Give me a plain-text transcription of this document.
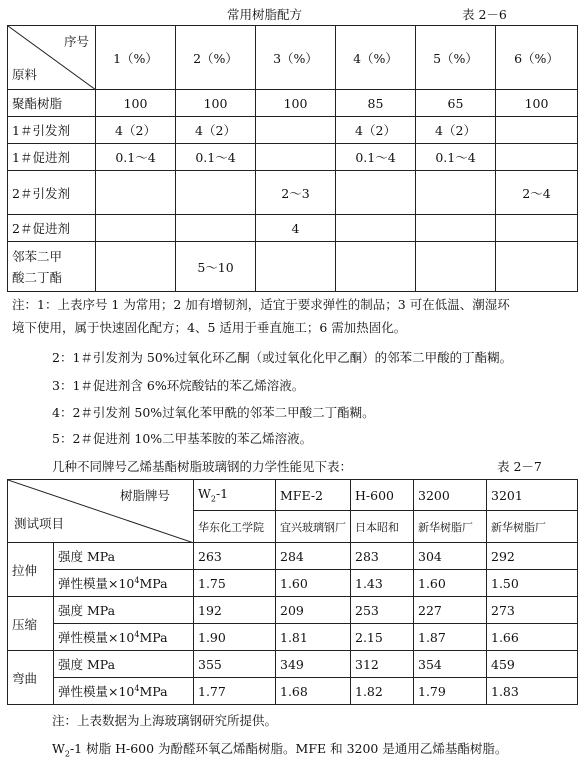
常用树脂配方	表 2－6
序号
原料	1（%）	2（%）	3（%）	4（%）	5（%）	6（%）
聚酯树脂	100	100	100	85	65	100
1＃引发剂	4（2）	4（2）		4（2）	4（2）	
1＃促进剂	0.1～4	0.1～4		0.1～4	0.1～4	
2＃引发剂			2～3			2～4
2＃促进剂			4			

邻苯二甲
酸二丁酯		5～10				
注：1：上表序号 1 为常用；2 加有增韧剂，适宜于要求弹性的制品；3 可在低温、潮湿环
境下使用，属于快速固化配方；4、5 适用于垂直施工；6 需加热固化。
2：1＃引发剂为 50%过氧化环乙酮（或过氧化化甲乙酮）的邻苯二甲酸的丁酯糊。
3：1＃促进剂含 6%环烷酸钴的苯乙烯溶液。
4：2＃引发剂 50%过氧化苯甲酰的邻苯二甲酸二丁酯糊。
5：2＃促进剂 10%二甲基苯胺的苯乙烯溶液。
几种不同牌号乙烯基酯树脂玻璃钢的力学性能见下表：	表 2－7
树脂牌号
测试项目		$W_2-1$	MFE-2	H-600	3200	3201
		华东化工学院	宜兴玻璃钢厂	日本昭和	新华树脂厂	新华树脂厂
拉伸	强度 MPa	263	284	283	304	292
	弹性模量$\times 10^4MPa$	1.75	1.60	1.43	1.60	1.50
压缩	强度 MPa	192	209	253	227	273
	弹性模量$\times 10^4MPa$	1.90	1.81	2.15	1.87	1.66
弯曲	强度 MPa	355	349	312	354	459
	弹性模量$\times 10^4MPa$	1.77	1.68	1.82	1.79	1.83
注：上表数据为上海玻璃钢研究所提供。
$W_2-1$ 树脂 H-600 为酚醛环氧乙烯酯树脂。MFE 和 3200 是通用乙烯基酯树脂。
